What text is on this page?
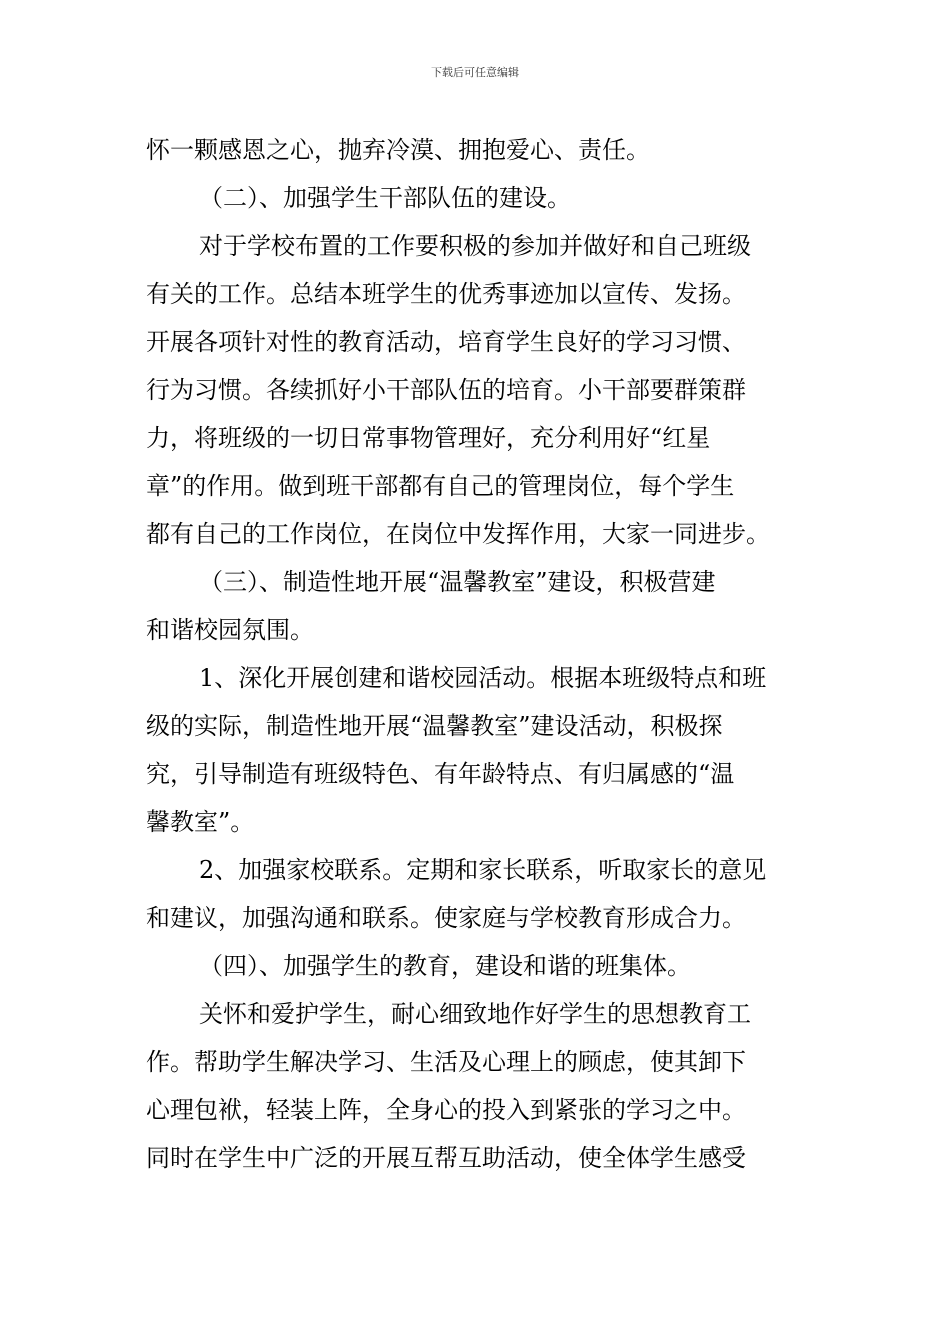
下载后可任意编辑
怀一颗感恩之心，抛弃冷漠、拥抱爱心、责任。
（二）、加强学生干部队伍的建设。
对于学校布置的工作要积极的参加并做好和自己班级
有关的工作。总结本班学生的优秀事迹加以宣传、发扬。
开展各项针对性的教育活动，培育学生良好的学习习惯、
行为习惯。各续抓好小干部队伍的培育。小干部要群策群
力，将班级的一切日常事物管理好，充分利用好“红星
章”的作用。做到班干部都有自己的管理岗位，每个学生
都有自己的工作岗位，在岗位中发挥作用，大家一同进步。
（三）、制造性地开展“温馨教室”建设，积极营建
和谐校园氛围。
1、深化开展创建和谐校园活动。根据本班级特点和班
级的实际，制造性地开展“温馨教室”建设活动，积极探
究，引导制造有班级特色、有年龄特点、有归属感的“温
馨教室”。
2、加强家校联系。定期和家长联系，听取家长的意见
和建议，加强沟通和联系。使家庭与学校教育形成合力。
（四）、加强学生的教育，建设和谐的班集体。
关怀和爱护学生，耐心细致地作好学生的思想教育工
作。帮助学生解决学习、生活及心理上的顾虑，使其卸下
心理包袱，轻装上阵，全身心的投入到紧张的学习之中。
同时在学生中广泛的开展互帮互助活动，使全体学生感受
